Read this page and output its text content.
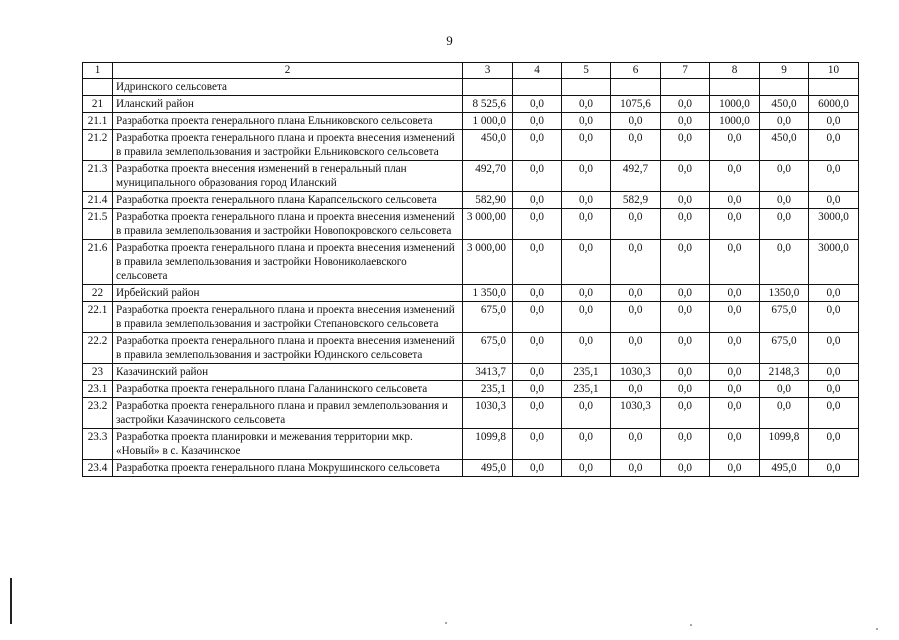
9
1	2	3	4	5	6	7	8	9	10
	Идринского сельсовета								
21	Иланский район	8 525,6	0,0	0,0	1075,6	0,0	1000,0	450,0	6000,0
21.1	Разработка проекта генерального плана Ельниковского сельсовета	1 000,0	0,0	0,0	0,0	0,0	1000,0	0,0	0,0
21.2	Разработка проекта генерального плана и проекта внесения изменений в правила землепользования и застройки Ельниковского сельсовета	450,0	0,0	0,0	0,0	0,0	0,0	450,0	0,0
21.3	Разработка проекта внесения изменений в генеральный план муниципального образования город Иланский	492,70	0,0	0,0	492,7	0,0	0,0	0,0	0,0
21.4	Разработка проекта генерального плана Карапсельского сельсовета	582,90	0,0	0,0	582,9	0,0	0,0	0,0	0,0
21.5	Разработка проекта генерального плана и проекта внесения изменений в правила землепользования и застройки Новопокровского сельсовета	3 000,00	0,0	0,0	0,0	0,0	0,0	0,0	3000,0
21.6	Разработка проекта генерального плана и проекта внесения изменений в правила землепользования и застройки Новониколаевского сельсовета	3 000,00	0,0	0,0	0,0	0,0	0,0	0,0	3000,0
22	Ирбейский район	1 350,0	0,0	0,0	0,0	0,0	0,0	1350,0	0,0
22.1	Разработка проекта генерального плана и проекта внесения изменений в правила землепользования и застройки Степановского сельсовета	675,0	0,0	0,0	0,0	0,0	0,0	675,0	0,0
22.2	Разработка проекта генерального плана и проекта внесения изменений в правила землепользования и застройки Юдинского сельсовета	675,0	0,0	0,0	0,0	0,0	0,0	675,0	0,0
23	Казачинский район	3413,7	0,0	235,1	1030,3	0,0	0,0	2148,3	0,0
23.1	Разработка проекта генерального плана Галанинского сельсовета	235,1	0,0	235,1	0,0	0,0	0,0	0,0	0,0
23.2	Разработка проекта генерального плана и правил землепользования и застройки Казачинского сельсовета	1030,3	0,0	0,0	1030,3	0,0	0,0	0,0	0,0
23.3	Разработка проекта планировки и межевания территории мкр. «Новый» в с. Казачинское	1099,8	0,0	0,0	0,0	0,0	0,0	1099,8	0,0
23.4	Разработка проекта генерального плана Мокрушинского сельсовета	495,0	0,0	0,0	0,0	0,0	0,0	495,0	0,0
